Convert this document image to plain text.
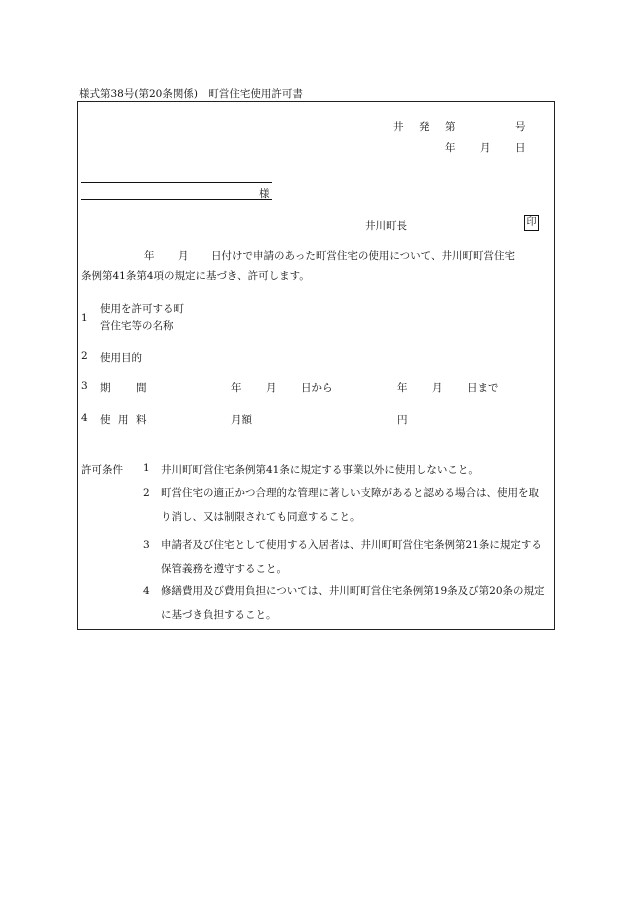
様式第38号(第20条関係)　町営住宅使用許可書
井 発 第	号
年 月 日
様
井川町長	印
年 月 日付けで申請のあった町営住宅の使用について、井川町町営住宅
条例第41条第4項の規定に基づき、許可します。
1
使用を許可する町
営住宅等の名称
2 使用目的
3 期 間	年 月 日から	年 月 日まで
4 使 用 料	月額	円
許可条件 1 井川町町営住宅条例第41条に規定する事業以外に使用しないこと。
2 町営住宅の適正かつ合理的な管理に著しい支障があると認める場合は、使用を取り消し、又は制限されても同意すること。
3 申請者及び住宅として使用する入居者は、井川町町営住宅条例第21条に規定する保管義務を遵守すること。
4 修繕費用及び費用負担については、井川町町営住宅条例第19条及び第20条の規定に基づき負担すること。
